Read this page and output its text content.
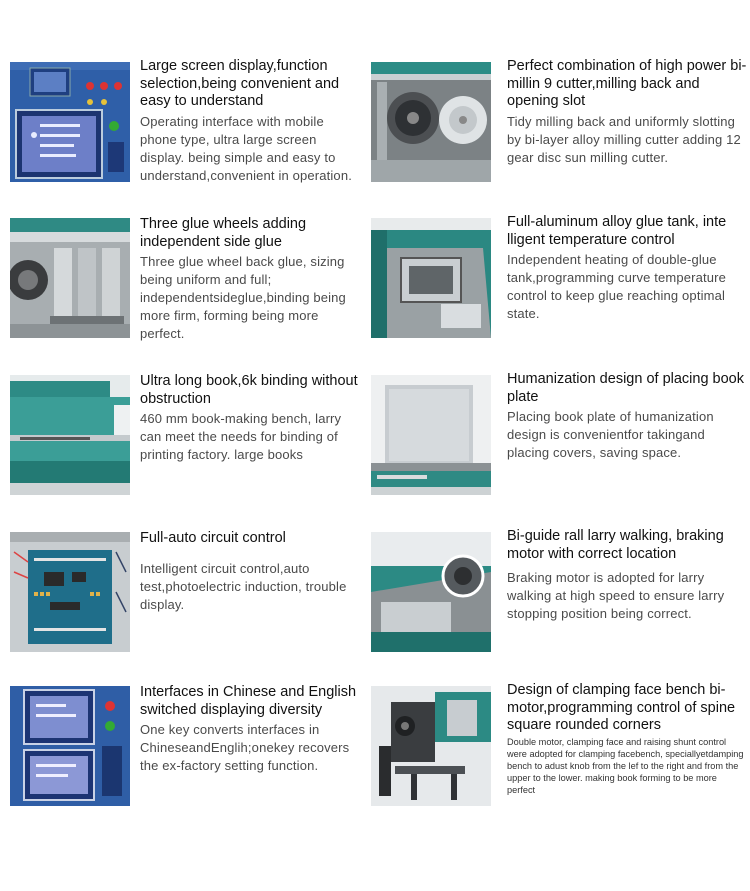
Large screen display,function selection,being convenient and easy to understand
Operating interface with mobile phone type, ultra large screen display. being simple and easy to understand,convenient in operation.
Perfect combination of high power bi-millin 9 cutter,milling back and opening slot
Tidy milling back and uniformly slotting by bi-layer alloy milling cutter adding 12 gear disc sun milling cutter.
Three glue wheels adding independent side glue
Three glue wheel back glue, sizing being uniform and full; independentsideglue,binding being more firm, forming being more perfect.
Full-aluminum alloy glue tank, inte lligent temperature control
Independent heating of double-glue tank,programming curve temperature control to keep glue reaching optimal state.
Ultra long book,6k binding without obstruction
460 mm book-making bench, larry can meet the needs for binding of printing factory. large books
Humanization design of placing book plate
Placing book plate of humanization design is convenientfor takingand placing covers, saving space.
Full-auto circuit control
Intelligent circuit control,auto test,photoelectric induction, trouble display.
Bi-guide rall larry walking, braking motor with correct location
Braking motor is adopted for larry walking at high speed to ensure larry stopping position being correct.
Interfaces in Chinese and English switched displaying diversity
One key converts interfaces in ChineseandEnglih;onekey recovers the ex-factory setting function.
Design of clamping face bench bi-motor,programming control of spine square rounded corners
Double motor, clamping face and raising shunt control were adopted for clamping facebench, speciallyetdamping bench to adust knob from the lef to the right and from the upper to the lower. making book forming to be more perfect
